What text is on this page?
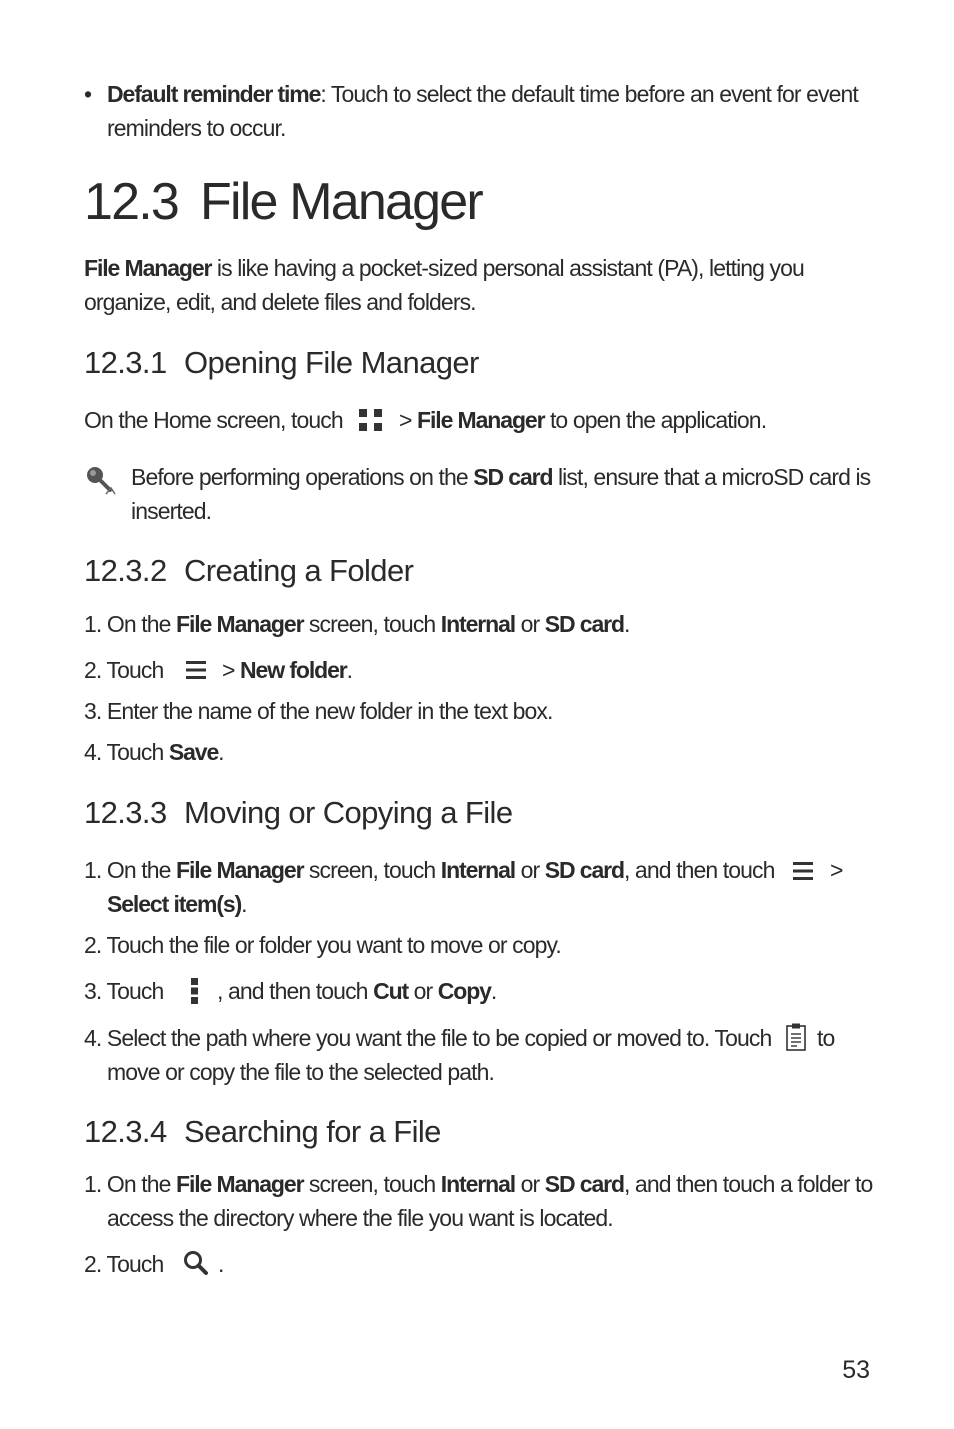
• Default reminder time: Touch to select the default time before an event for event

reminders to occur.

12.3 File Manager

File Manager is like having a pocket-sized personal assistant (PA), letting you

organize, edit, and delete files and folders.

12.3.1 Opening File Manager

On the Home screen, touch > File Manager to open the application.

Before performing operations on the SD card list, ensure that a microSD card is

inserted.

12.3.2 Creating a Folder

1. On the File Manager screen, touch Internal or SD card.

2. Touch	> New folder.

3. Enter the name of the new folder in the text box.

4. Touch Save.

12.3.3 Moving or Copying a File

1. On the File Manager screen, touch Internal or SD card, and then touch >

Select item(s).

2. Touch the file or folder you want to move or copy.

3. Touch , and then touch Cut or Copy.

4. Select the path where you want the file to be copied or moved to. Touch to

move or copy the file to the selected path.

12.3.4 Searching for a File

1. On the File Manager screen, touch Internal or SD card, and then touch a folder to

access the directory where the file you want is located.

2. Touch .

53
